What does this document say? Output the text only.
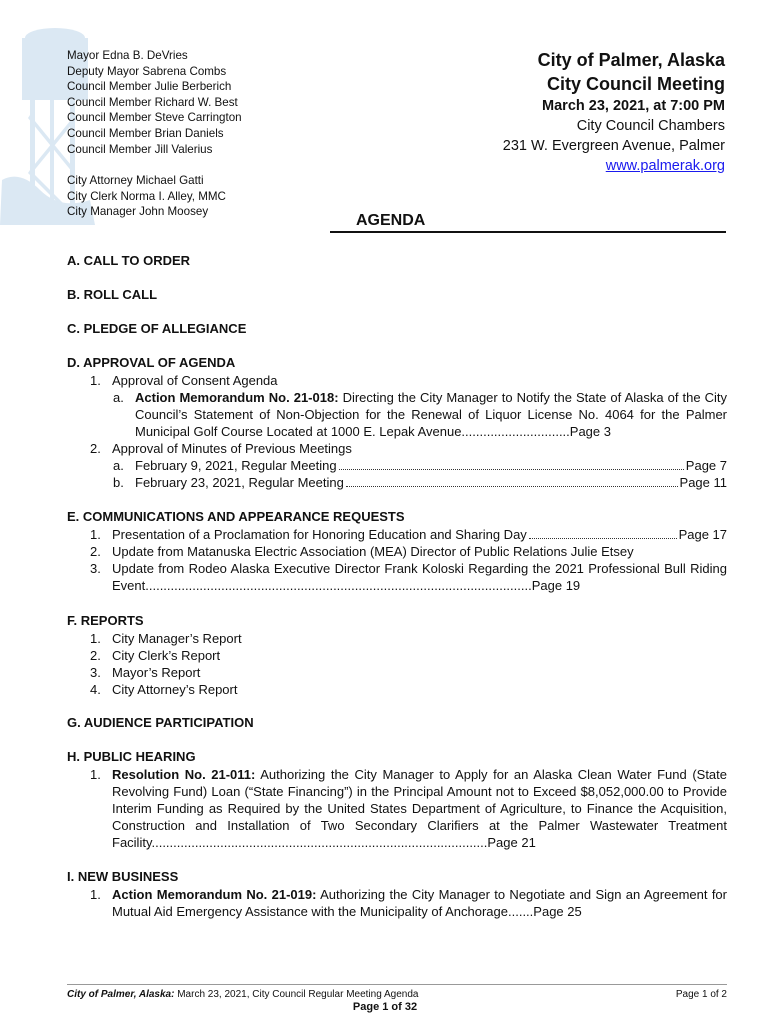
Mayor Edna B. DeVries
Deputy Mayor Sabrena Combs
Council Member Julie Berberich
Council Member Richard W. Best
Council Member Steve Carrington
Council Member Brian Daniels
Council Member Jill Valerius
City Attorney Michael Gatti
City Clerk Norma I. Alley, MMC
City Manager John Moosey
City of Palmer, Alaska
City Council Meeting
March 23, 2021, at 7:00 PM
City Council Chambers
231 W. Evergreen Avenue, Palmer
www.palmerak.org
AGENDA
A. CALL TO ORDER
B. ROLL CALL
C. PLEDGE OF ALLEGIANCE
D. APPROVAL OF AGENDA
1. Approval of Consent Agenda
a. Action Memorandum No. 21-018: Directing the City Manager to Notify the State of Alaska of the City Council’s Statement of Non-Objection for the Renewal of Liquor License No. 4064 for the Palmer Municipal Golf Course Located at 1000 E. Lepak Avenue..............................Page 3
2. Approval of Minutes of Previous Meetings
a. February 9, 2021, Regular Meeting	Page 7
b. February 23, 2021, Regular Meeting	Page 11
E. COMMUNICATIONS AND APPEARANCE REQUESTS
1. Presentation of a Proclamation for Honoring Education and Sharing Day	Page 17
2. Update from Matanuska Electric Association (MEA) Director of Public Relations Julie Etsey
3. Update from Rodeo Alaska Executive Director Frank Koloski Regarding the 2021 Professional Bull Riding Event...........................................................................................................Page 19
F. REPORTS
1. City Manager’s Report
2. City Clerk’s Report
3. Mayor’s Report
4. City Attorney’s Report
G. AUDIENCE PARTICIPATION
H. PUBLIC HEARING
1. Resolution No. 21-011: Authorizing the City Manager to Apply for an Alaska Clean Water Fund (State Revolving Fund) Loan (“State Financing”) in the Principal Amount not to Exceed $8,052,000.00 to Provide Interim Funding as Required by the United States Department of Agriculture, to Finance the Acquisition, Construction and Installation of Two Secondary Clarifiers at the Palmer Wastewater Treatment Facility.............................................................................................Page 21
I. NEW BUSINESS
1. Action Memorandum No. 21-019: Authorizing the City Manager to Negotiate and Sign an Agreement for Mutual Aid Emergency Assistance with the Municipality of Anchorage.......Page 25
City of Palmer, Alaska: March 23, 2021, City Council Regular Meeting Agenda	Page 1 of 2
Page 1 of 32
